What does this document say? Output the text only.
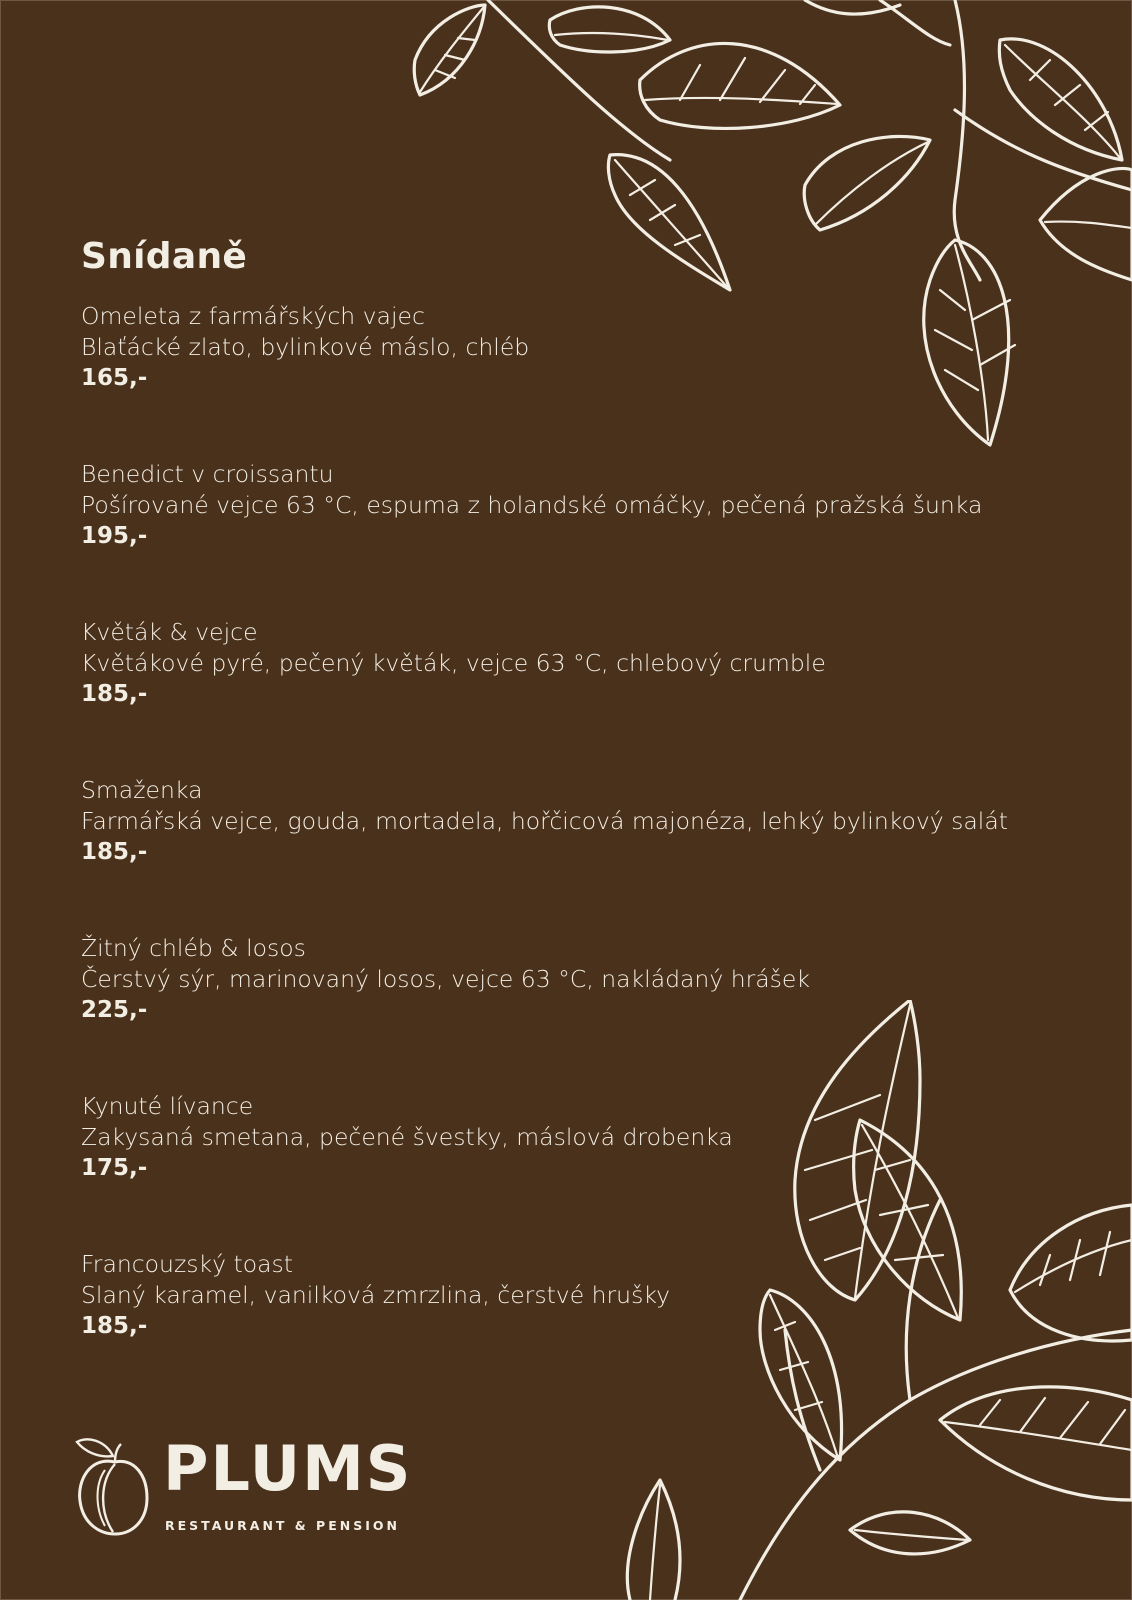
Snídaně
Omeleta z farmářských vajec
Blaťácké zlato, bylinkové máslo, chléb
165,-
Benedict v croissantu
Pošírované vejce 63 °C, espuma z holandské omáčky, pečená pražská šunka
195,-
Květák & vejce
Květákové pyré, pečený květák, vejce 63 °C, chlebový crumble
185,-
Smaženka
Farmářská vejce, gouda, mortadela, hořčicová majonéza, lehký bylinkový salát
185,-
Žitný chléb & losos
Čerstvý sýr, marinovaný losos, vejce 63 °C, nakládaný hrášek
225,-
Kynuté lívance
Zakysaná smetana, pečené švestky, máslová drobenka
175,-
Francouzský toast
Slaný karamel, vanilková zmrzlina, čerstvé hrušky
185,-
PLUMS
RESTAURANT & PENSION
